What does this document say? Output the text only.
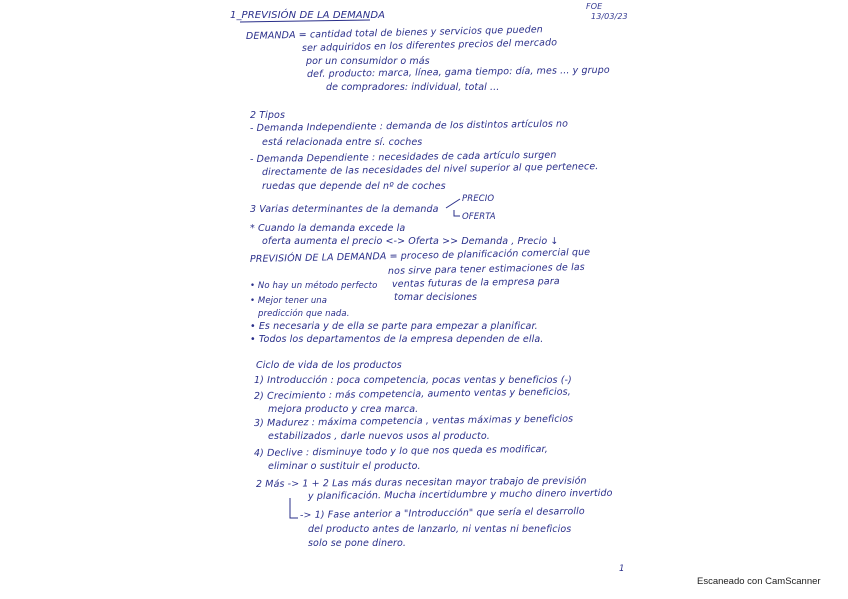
1_PREVISIÓN DE LA DEMANDA
FOE
13/03/23
DEMANDA = cantidad total de bienes y servicios que pueden
ser adquiridos en los diferentes precios del mercado
por un consumidor o más
def. producto: marca, línea, gama tiempo: día, mes ... y grupo
de compradores: individual, total ...
2 Tipos
- Demanda Independiente : demanda de los distintos artículos no
está relacionada entre sí. coches
- Demanda Dependiente : necesidades de cada artículo surgen
directamente de las necesidades del nivel superior al que pertenece.
ruedas que depende del nº de coches
3 Varias determinantes de la demanda
PRECIO
OFERTA
* Cuando la demanda excede la
oferta aumenta el precio <-> Oferta >> Demanda , Precio ↓
PREVISIÓN DE LA DEMANDA = proceso de planificación comercial que
nos sirve para tener estimaciones de las
ventas futuras de la empresa para
tomar decisiones
• No hay un método perfecto
• Mejor tener una
predicción que nada.
• Es necesaria y de ella se parte para empezar a planificar.
• Todos los departamentos de la empresa dependen de ella.
Ciclo de vida de los productos
1) Introducción : poca competencia, pocas ventas y beneficios (-)
2) Crecimiento : más competencia, aumento ventas y beneficios,
mejora producto y crea marca.
3) Madurez : máxima competencia , ventas máximas y beneficios
estabilizados , darle nuevos usos al producto.
4) Declive : disminuye todo y lo que nos queda es modificar,
eliminar o sustituir el producto.
2 Más -> 1 + 2 Las más duras necesitan mayor trabajo de previsión
y planificación. Mucha incertidumbre y mucho dinero invertido
-> 1) Fase anterior a "Introducción" que sería el desarrollo
del producto antes de lanzarlo, ni ventas ni beneficios
solo se pone dinero.
1
Escaneado con CamScanner
